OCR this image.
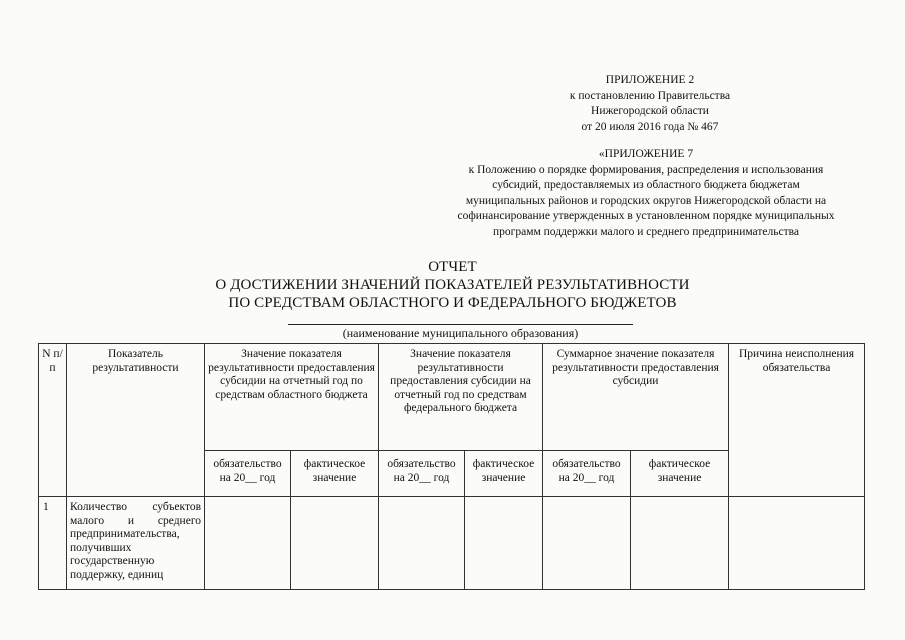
ПРИЛОЖЕНИЕ 2
к постановлению Правительства
Нижегородской области
от 20 июля 2016 года № 467
«ПРИЛОЖЕНИЕ 7
к Положению о порядке формирования, распределения и использования
субсидий, предоставляемых из областного бюджета бюджетам
муниципальных районов и городских округов Нижегородской области на
софинансирование утвержденных в установленном порядке муниципальных
программ поддержки малого и среднего предпринимательства
ОТЧЕТ
О ДОСТИЖЕНИИ ЗНАЧЕНИЙ ПОКАЗАТЕЛЕЙ РЕЗУЛЬТАТИВНОСТИ
ПО СРЕДСТВАМ ОБЛАСТНОГО И ФЕДЕРАЛЬНОГО БЮДЖЕТОВ
(наименование муниципального образования)
N п/п	Показатель результативности	Значение показателя результативности предоставления субсидии на отчетный год по средствам областного бюджета		Значение показателя результативности предоставления субсидии на отчетный год по средствам федерального бюджета		Суммарное значение показателя результативности предоставления субсидии		Причина неисполнения обязательства
		обязательство на 20__ год	фактическое значение	обязательство на 20__ год	фактическое значение	обязательство на 20__ год	фактическое значение	
1	Количество субъектов малого и среднего предпринимательства, получивших государственную поддержку, единиц							
